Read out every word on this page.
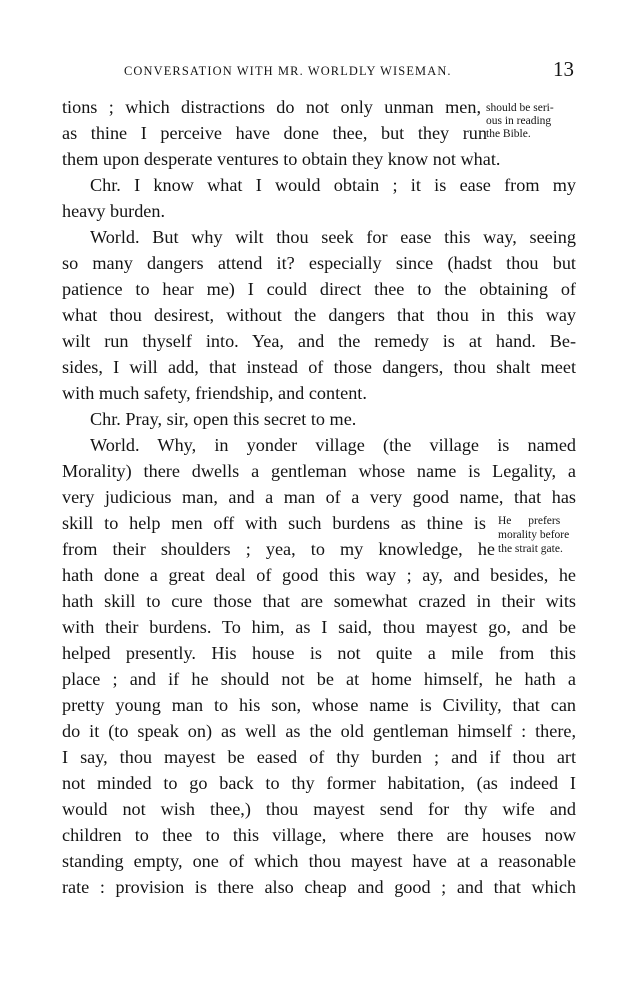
CONVERSATION WITH MR. WORLDLY WISEMAN.	13
tions ; which distractions do not only unman men,
as thine I perceive have done thee, but they run
them upon desperate ventures to obtain they know not what.
Chr. I know what I would obtain ; it is ease from my
heavy burden.
World. But why wilt thou seek for ease this way, seeing
so many dangers attend it? especially since (hadst thou but
patience to hear me) I could direct thee to the obtaining of
what thou desirest, without the dangers that thou in this way
wilt run thyself into. Yea, and the remedy is at hand. Be-
sides, I will add, that instead of those dangers, thou shalt meet
with much safety, friendship, and content.
Chr. Pray, sir, open this secret to me.
World. Why, in yonder village (the village is named
Morality) there dwells a gentleman whose name is Legality, a
very judicious man, and a man of a very good name, that has
skill to help men off with such burdens as thine is
from their shoulders ; yea, to my knowledge, he
hath done a great deal of good this way ; ay, and besides, he
hath skill to cure those that are somewhat crazed in their wits
with their burdens. To him, as I said, thou mayest go, and be
helped presently. His house is not quite a mile from this
place ; and if he should not be at home himself, he hath a
pretty young man to his son, whose name is Civility, that can
do it (to speak on) as well as the old gentleman himself : there,
I say, thou mayest be eased of thy burden ; and if thou art
not minded to go back to thy former habitation, (as indeed I
would not wish thee,) thou mayest send for thy wife and
children to thee to this village, where there are houses now
standing empty, one of which thou mayest have at a reasonable
rate : provision is there also cheap and good ; and that which
should be seri-
ous in reading
the Bible.
He prefers
morality before
the strait gate.
